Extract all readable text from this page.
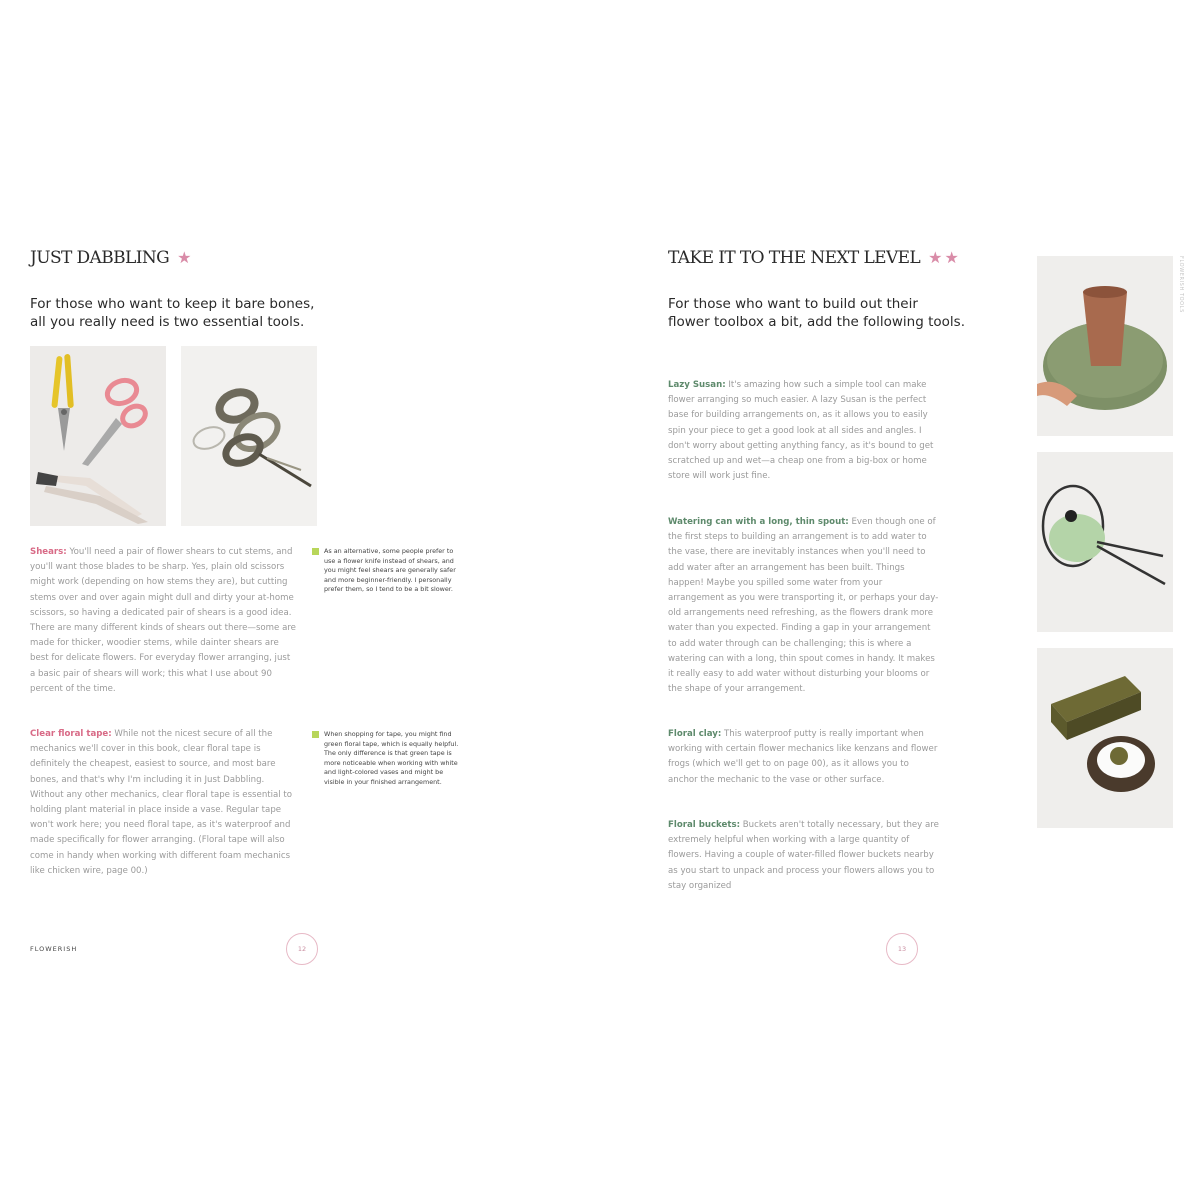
JUST DABBLING ★
For those who want to keep it bare bones,
all you really need is two essential tools.

Shears: You'll need a pair of flower shears to cut stems, and you'll want those blades to be sharp. Yes, plain old scissors might work (depending on how stems they are), but cutting stems over and over again might dull and dirty your at-home scissors, so having a dedicated pair of shears is a good idea. There are many different kinds of shears out there—some are made for thicker, woodier stems, while dainter shears are best for delicate flowers. For everyday flower arranging, just a basic pair of shears will work; this what I use about 90 percent of the time.

As an alternative, some people prefer to use a flower knife instead of shears, and you might feel shears are generally safer and more beginner-friendly. I personally prefer them, so I tend to be a bit slower.

Clear floral tape: While not the nicest secure of all the mechanics we'll cover in this book, clear floral tape is definitely the cheapest, easiest to source, and most bare bones, and that's why I'm including it in Just Dabbling. Without any other mechanics, clear floral tape is essential to holding plant material in place inside a vase. Regular tape won't work here; you need floral tape, as it's waterproof and made specifically for flower arranging. (Floral tape will also come in handy when working with different foam mechanics like chicken wire, page 00.)

When shopping for tape, you might find green floral tape, which is equally helpful. The only difference is that green tape is more noticeable when working with white and light-colored vases and might be visible in your finished arrangement.
FLOWERISH	12
TAKE IT TO THE NEXT LEVEL ★★
For those who want to build out their
flower toolbox a bit, add the following tools.

Lazy Susan: It's amazing how such a simple tool can make flower arranging so much easier. A lazy Susan is the perfect base for building arrangements on, as it allows you to easily spin your piece to get a good look at all sides and angles. I don't worry about getting anything fancy, as it's bound to get scratched up and wet—a cheap one from a big-box or home store will work just fine.

Watering can with a long, thin spout: Even though one of the first steps to building an arrangement is to add water to the vase, there are inevitably instances when you'll need to add water after an arrangement has been built. Things happen! Maybe you spilled some water from your arrangement as you were transporting it, or perhaps your day-old arrangements need refreshing, as the flowers drank more water than you expected. Finding a gap in your arrangement to add water through can be challenging; this is where a watering can with a long, thin spout comes in handy. It makes it really easy to add water without disturbing your blooms or the shape of your arrangement.

Floral clay: This waterproof putty is really important when working with certain flower mechanics like kenzans and flower frogs (which we'll get to on page 00), as it allows you to anchor the mechanic to the vase or other surface.

Floral buckets: Buckets aren't totally necessary, but they are extremely helpful when working with a large quantity of flowers. Having a couple of water-filled flower buckets nearby as you start to unpack and process your flowers allows you to stay organized

FLOWERISH TOOLS
13
